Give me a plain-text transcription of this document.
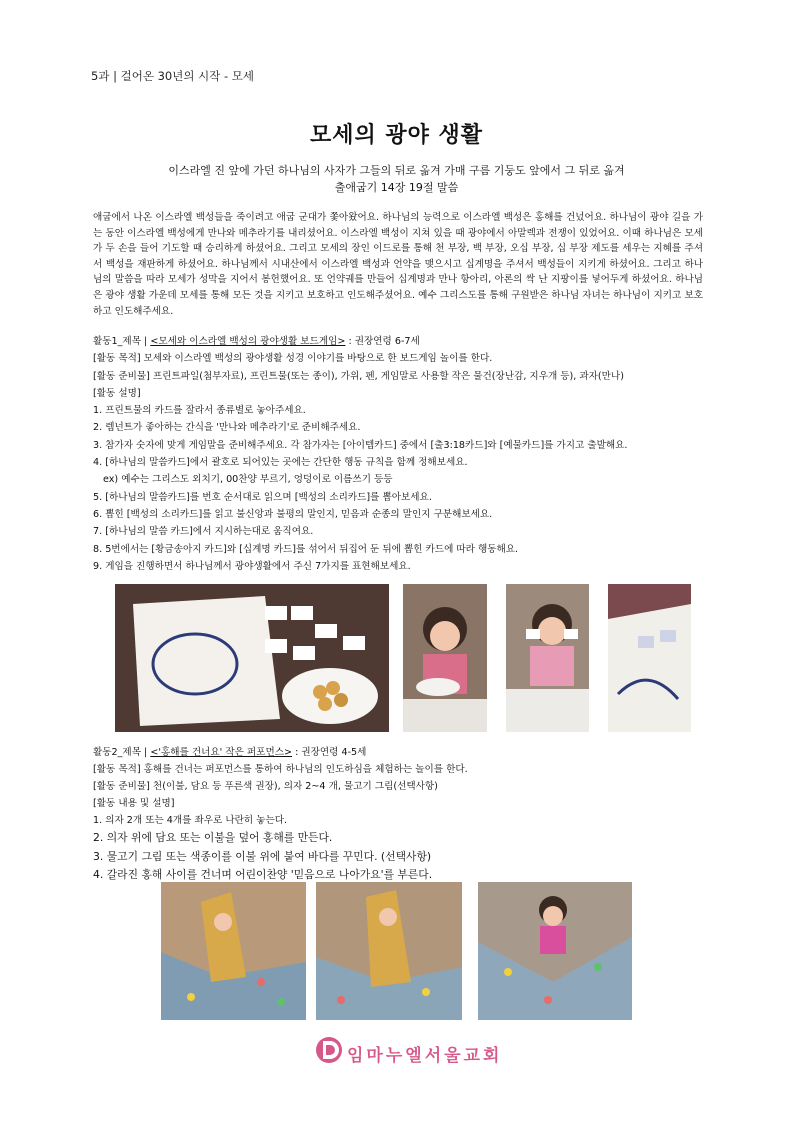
5과 | 걸어온 30년의 시작 - 모세
모세의 광야 생활
이스라엘 진 앞에 가던 하나님의 사자가 그들의 뒤로 옮겨 가매 구름 기둥도 앞에서 그 뒤로 옮겨
출애굽기 14장 19절 말씀
애굽에서 나온 이스라엘 백성들을 죽이려고 애굽 군대가 쫓아왔어요. 하나님의 능력으로 이스라엘 백성은 홍해를 건넜어요. 하나님이 광야 길을 가는 동안 이스라엘 백성에게 만나와 메추라기를 내리셨어요. 이스라엘 백성이 지쳐 있을 때 광야에서 아말렉과 전쟁이 있었어요. 이때 하나님은 모세가 두 손을 들어 기도할 때 승리하게 하셨어요. 그리고 모세의 장인 이드로를 통해 천 부장, 백 부장, 오십 부장, 십 부장 제도를 세우는 지혜를 주셔서 백성을 재판하게 하셨어요. 하나님께서 시내산에서 이스라엘 백성과 언약을 맺으시고 십계명을 주셔서 백성들이 지키게 하셨어요. 그리고 하나님의 말씀을 따라 모세가 성막을 지어서 봉헌했어요. 또 언약궤를 만들어 십계명과 만나 항아리, 아론의 싹 난 지팡이를 넣어두게 하셨어요. 하나님은 광야 생활 가운데 모세를 통해 모든 것을 지키고 보호하고 인도해주셨어요. 예수 그리스도를 통해 구원받은 하나님 자녀는 하나님이 지키고 보호하고 인도해주세요.
활동1_제목 | <모세와 이스라엘 백성의 광야생활 보드게임> : 권장연령 6-7세
[활동 목적] 모세와 이스라엘 백성의 광야생활 성경 이야기를 바탕으로 한 보드게임 놀이를 한다.
[활동 준비물] 프린트파일(첨부자료), 프린트물(또는 종이), 가위, 펜, 게임말로 사용할 작은 물건(장난감, 지우개 등), 과자(만나)
[활동 설명]
1. 프린트물의 카드를 잘라서 종류별로 놓아주세요.
2. 렘넌트가 좋아하는 간식을 '만나와 메추라기'로 준비해주세요.
3. 참가자 숫자에 맞게 게임말을 준비해주세요. 각 참가자는 [아이템카드] 중에서 [출3:18카드]와 [예물카드]를 가지고 출발해요.
4. [하나님의 말씀카드]에서 괄호로 되어있는 곳에는 간단한 행동 규칙을 함께 정해보세요.
ex) 예수는 그리스도 외치기, 00찬양 부르기, 엉덩이로 이름쓰기 등등
5. [하나님의 말씀카드]를 번호 순서대로 읽으며 [백성의 소리카드]를 뽑아보세요.
6. 뽑힌 [백성의 소리카드]를 읽고 불신앙과 불평의 말인지, 믿음과 순종의 말인지 구분해보세요.
7. [하나님의 말씀 카드]에서 지시하는대로 움직여요.
8. 5번에서는 [황금송아지 카드]와 [십계명 카드]를 섞어서 뒤집어 둔 뒤에 뽑힌 카드에 따라 행동해요.
9. 게임을 진행하면서 하나님께서 광야생활에서 주신 7가지를 표현해보세요.
활동2_제목 | <'홍해를 건너요' 작은 퍼포먼스> : 권장연령 4-5세
[활동 목적] 홍해를 건너는 퍼포먼스를 통하여 하나님의 인도하심을 체험하는 놀이를 한다.
[활동 준비물] 천(이불, 담요 등 푸른색 권장), 의자 2~4 개, 물고기 그림(선택사항)
[활동 내용 및 설명]
1. 의자 2개 또는 4개를 좌우로 나란히 놓는다.
2. 의자 위에 담요 또는 이불을 덮어 홍해를 만든다.
3. 물고기 그림 또는 색종이를 이불 위에 붙여 바다를 꾸민다. (선택사항)
4. 갈라진 홍해 사이를 건너며 어린이찬양 '믿음으로 나아가요'를 부른다.
임마누엘서울교회
